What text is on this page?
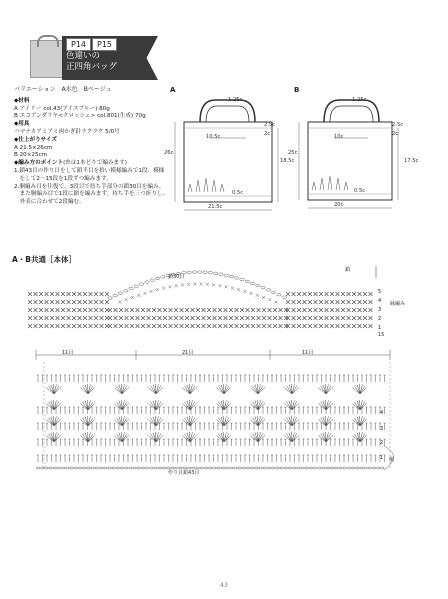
P14	P15
色違いの
正四角バッグ
バリエーション　A水色　Bベージュ
◆材料
A アイリー col.43(アイスブルー) 80g
B エコアンダリヤ<クロッシェ> col.801(生成) 70g
◆用具
ハマナカアミアミ両かぎ針ラクラク 5/0号
◆仕上がりサイズ
A 21.5×26cm
B 20×25cm
◆編み方のポイント(糸は1本どりで編みます)
1.鎖43目の作り目をして鎖半目を拾い模様編みで1段、模様
　をして2〜15段を1段ずつ編みます。
2.胴編み目を往復で、3段目で持ち手部分の鎖30目を編み、
　また胴編み目で1段に鎖を編みます。持ち手を三つ折りし、
　外表に合わせて2段編む。
A
1.25c
2.5c
10.5c	2c
26c
18.5c
0.5c
21.5c
B
1.25c
2.5c
10c	2c
25c
17.5c
0.5c
20c
A・B共通［本体］
鎖30目
鎖
縁編み
11目	21目	11目
作り目鎖43目
胴
5
4
3
2
1
15
4
3
2
1
43
